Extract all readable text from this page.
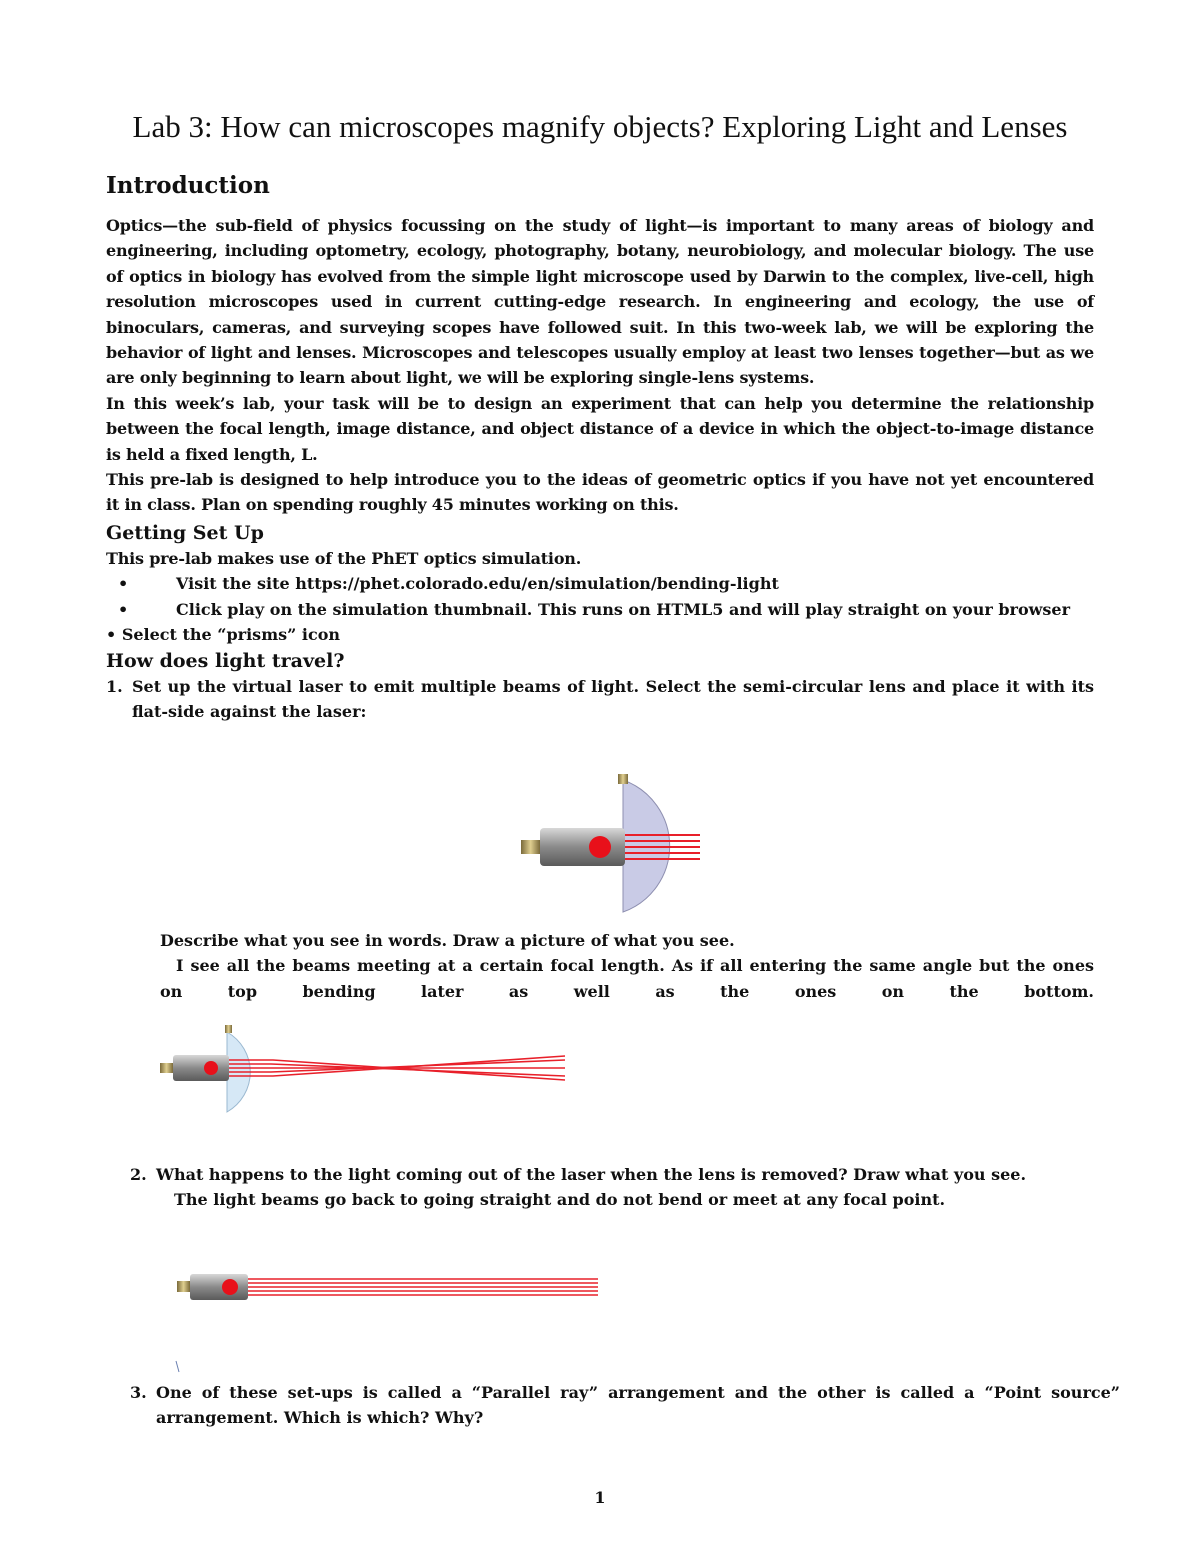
Lab 3: How can microscopes magnify objects? Exploring Light and Lenses
Introduction

Optics—the sub-field of physics focussing on the study of light—is important to many areas of biology and engineering, including optometry, ecology, photography, botany, neurobiology, and molecular biology. The use of optics in biology has evolved from the simple light microscope used by Darwin to the complex, live-cell, high resolution microscopes used in current cutting-edge research. In engineering and ecology, the use of binoculars, cameras, and surveying scopes have followed suit. In this two-week lab, we will be exploring the behavior of light and lenses. Microscopes and telescopes usually employ at least two lenses together—but as we are only beginning to learn about light, we will be exploring single-lens systems.

In this week’s lab, your task will be to design an experiment that can help you determine the relationship between the focal length, image distance, and object distance of a device in which the object-to-image distance is held a fixed length, L.

This pre-lab is designed to help introduce you to the ideas of geometric optics if you have not yet encountered it in class. Plan on spending roughly 45 minutes working on this.

Getting Set Up

This pre-lab makes use of the PhET optics simulation.

•	Visit the site https://phet.colorado.edu/en/simulation/bending-light
•	Click play on the simulation thumbnail. This runs on HTML5 and will play straight on your browser
• Select the “prisms” icon
How does light travel?
1. Set up the virtual laser to emit multiple beams of light. Select the semi-circular lens and place it with its flat-side against the laser:
Describe what you see in words. Draw a picture of what you see.
I see all the beams meeting at a certain focal length. As if all entering the same angle but the ones on top bending later as well as the ones on the bottom.
2. What happens to the light coming out of the laser when the lens is removed? Draw what you see.
The light beams go back to going straight and do not bend or meet at any focal point.
3. One of these set-ups is called a “Parallel ray” arrangement and the other is called a “Point source” arrangement. Which is which? Why?
1
